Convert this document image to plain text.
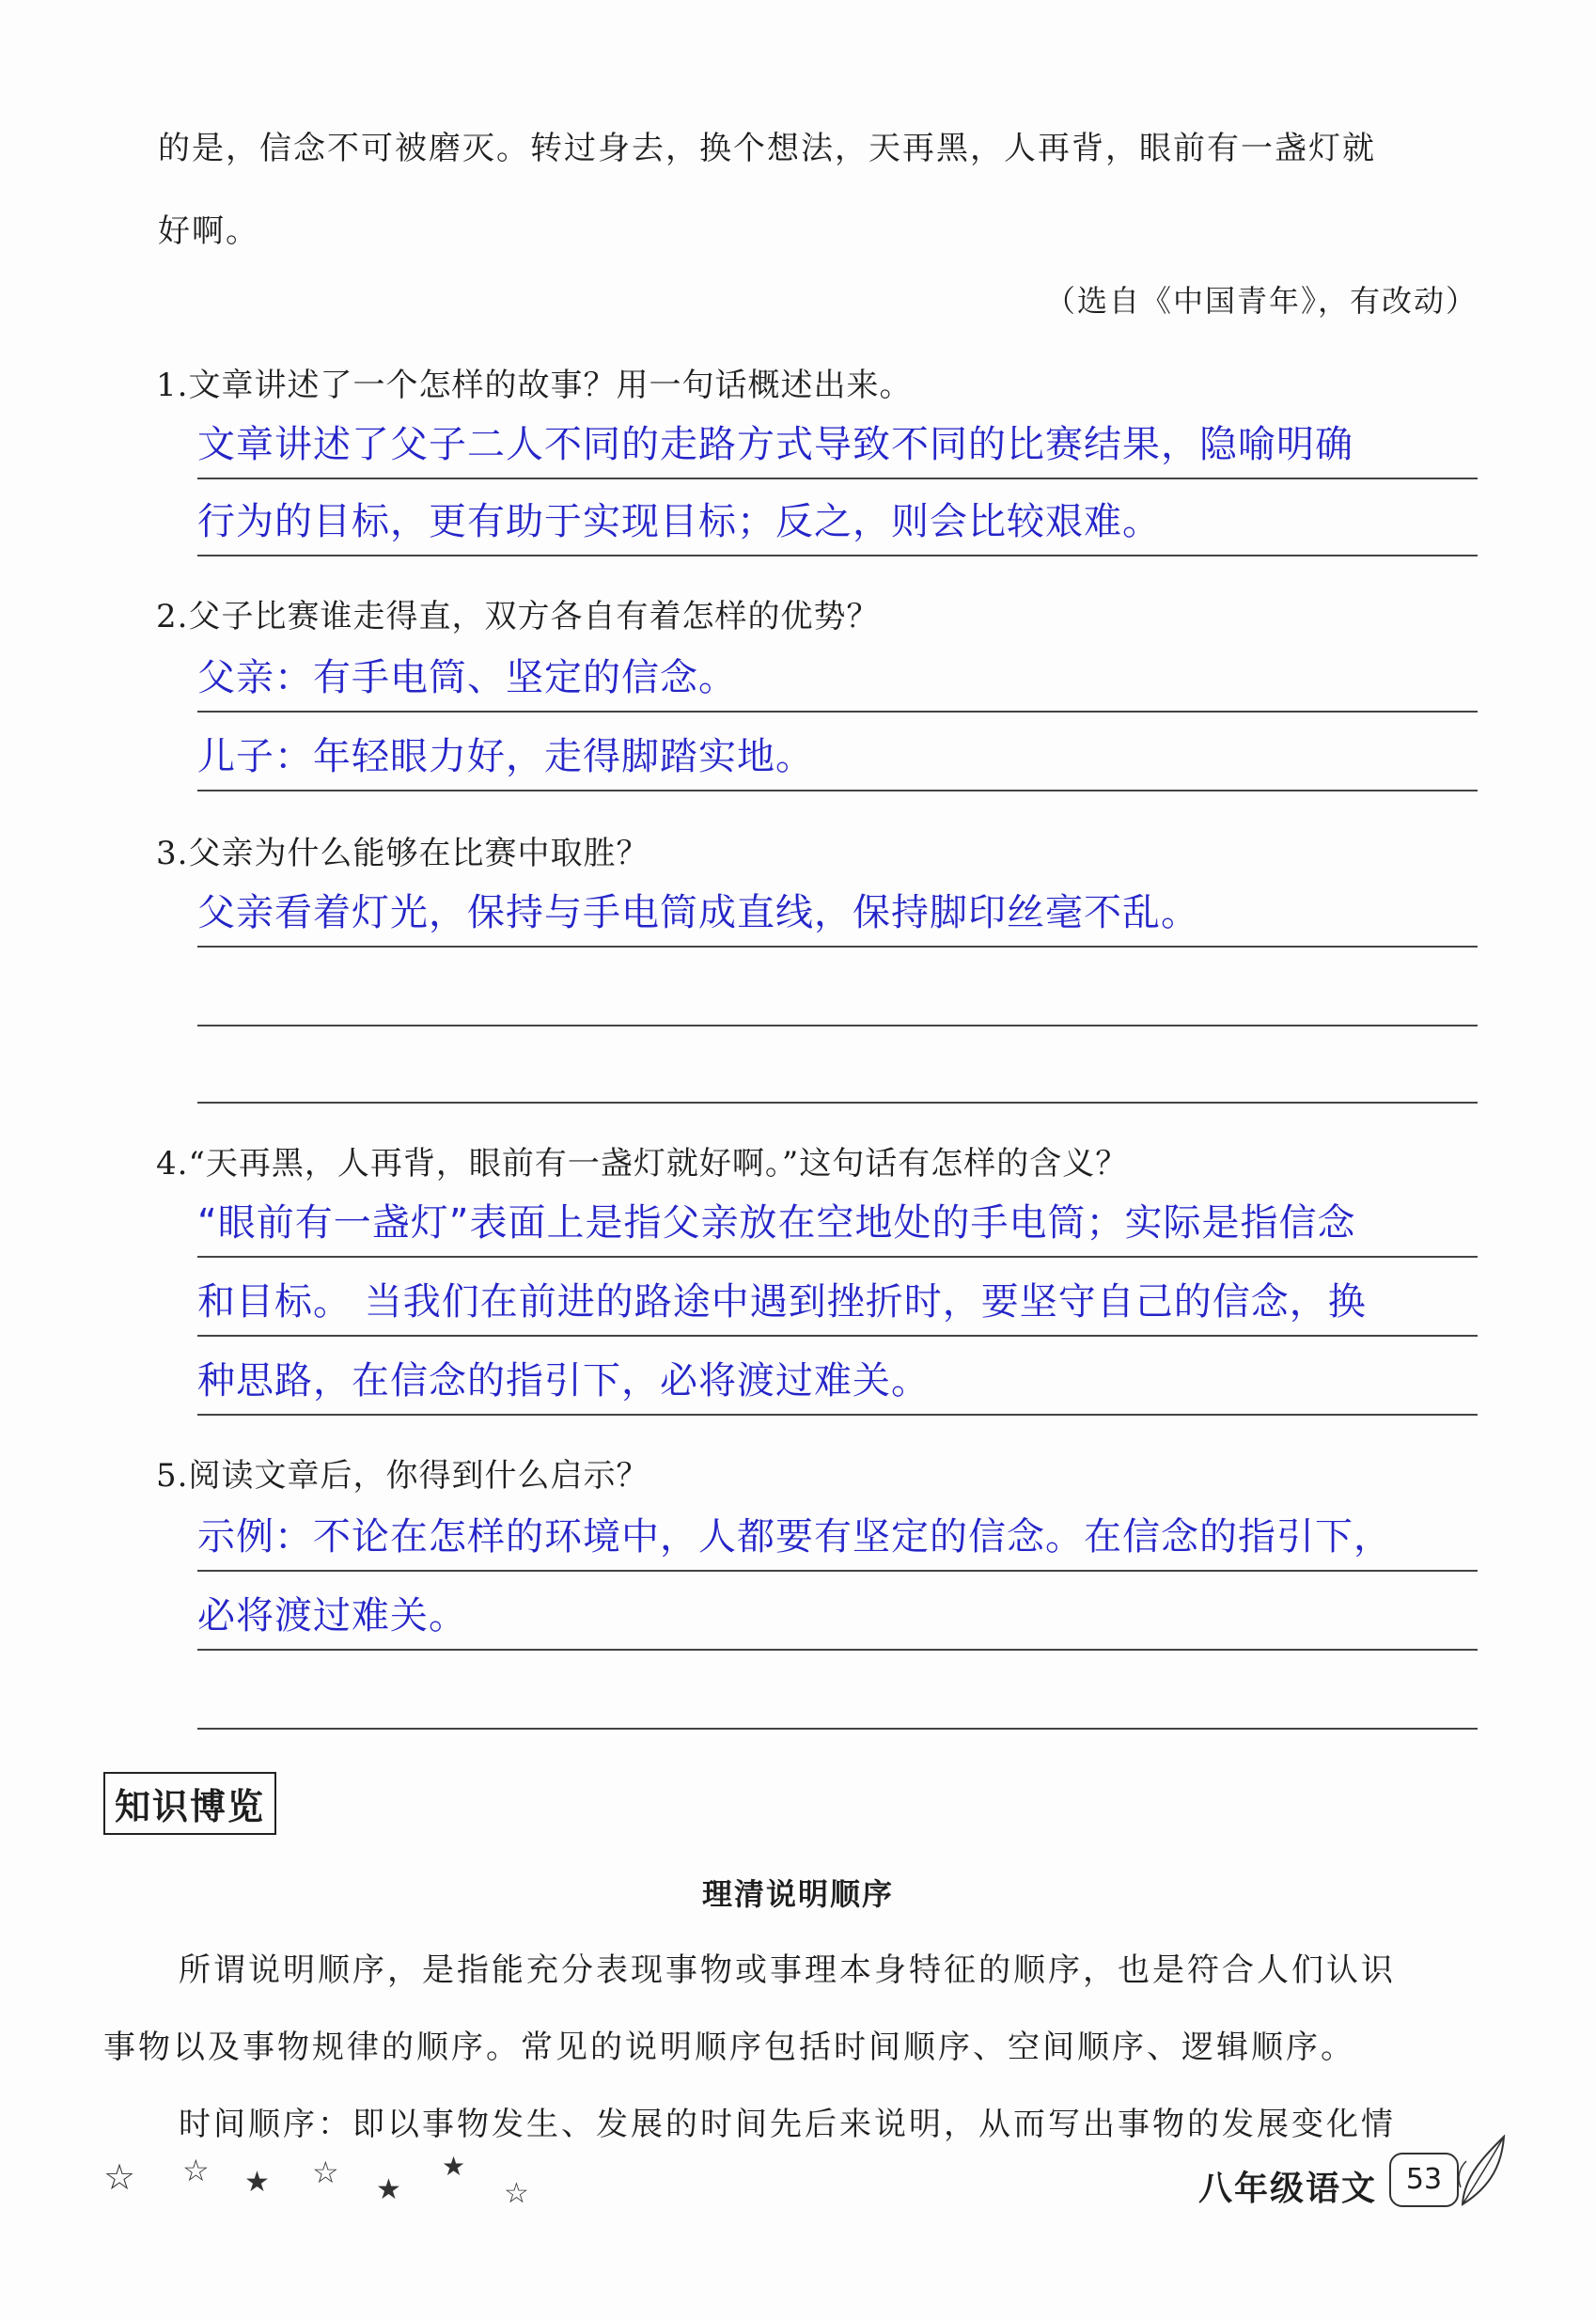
的是，信念不可被磨灭。转过身去，换个想法，天再黑，人再背，眼前有一盏灯就
好啊。
（选自《中国青年》，有改动）
1.文章讲述了一个怎样的故事？用一句话概述出来。
文章讲述了父子二人不同的走路方式导致不同的比赛结果，隐喻明确
行为的目标，更有助于实现目标；反之，则会比较艰难。
2.父子比赛谁走得直，双方各自有着怎样的优势？
父亲：有手电筒、坚定的信念。
儿子：年轻眼力好，走得脚踏实地。
3.父亲为什么能够在比赛中取胜？
父亲看着灯光，保持与手电筒成直线，保持脚印丝毫不乱。
4.“天再黑，人再背，眼前有一盏灯就好啊。”这句话有怎样的含义？
“眼前有一盏灯”表面上是指父亲放在空地处的手电筒；实际是指信念
和目标。 当我们在前进的路途中遇到挫折时，要坚守自己的信念，换
种思路，在信念的指引下，必将渡过难关。
5.阅读文章后，你得到什么启示？
示例：不论在怎样的环境中，人都要有坚定的信念。在信念的指引下，
必将渡过难关。
知识博览
理清说明顺序
所谓说明顺序，是指能充分表现事物或事理本身特征的顺序，也是符合人们认识
事物以及事物规律的顺序。常见的说明顺序包括时间顺序、空间顺序、逻辑顺序。
时间顺序：即以事物发生、发展的时间先后来说明，从而写出事物的发展变化情
☆ ☆ ★ ☆ ★
★
☆	八年级语文	53
